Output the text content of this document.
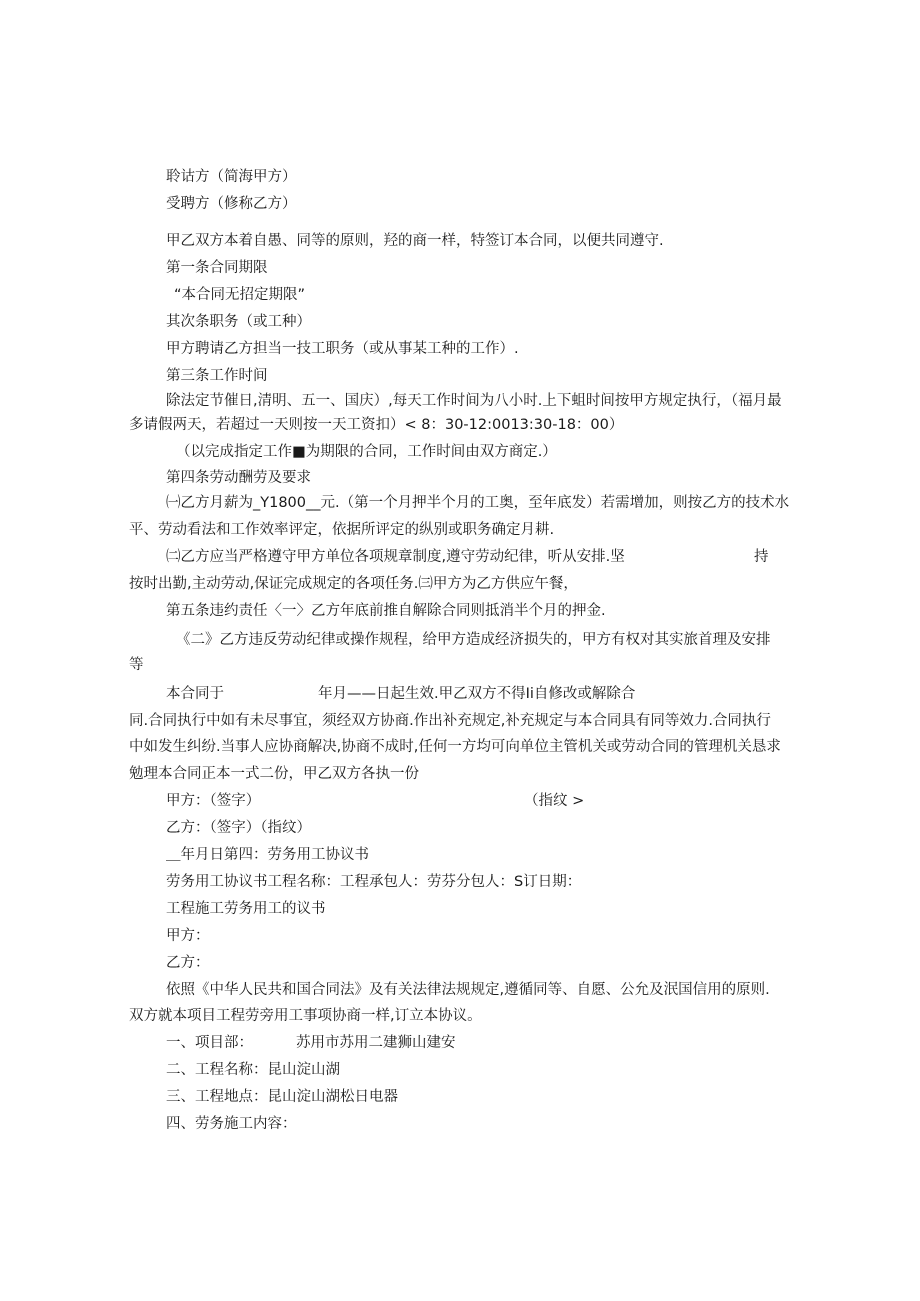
聆诂方（简海甲方）
受聘方（修称乙方）
甲乙双方本着自愚、同等的原则，羟的商一样，特签订本合同，以便共同遵守.
第一条合同期限
“本合同无招定期限”
其次条职务（或工种）
甲方聘请乙方担当一技工职务（或从事某工种的工作）.
第三条工作时间
除法定节催日,清明、五一、国庆）,每天工作时间为八小时.上下蛆时间按甲方规定执行，（福月最
多请假两天，若超过一天则按一天工资扣）< 8：30-12:0013:30-18：00）
（以完成指定工作■为期限的合同，工作时间由双方商定.）
第四条劳动酬劳及要求
㈠乙方月薪为_Y1800__元.（第一个月押半个月的工奥，至年底发）若需增加，则按乙方的技术水
平、劳动看法和工作效率评定，依据所评定的纵别或职务确定月耕.
㈡乙方应当严格遵守甲方单位各项规章制度,遵守劳动纪律，听从安排.坚	持
按时出勤,主动劳动,保证完成规定的各项任务.㈢甲方为乙方供应午餐，
第五条违约责任〈一〉乙方年底前推自解除合同则抵消半个月的押金.
《二》乙方违反劳动纪律或操作规程，给甲方造成经济损失的，甲方有权对其实旅首理及安排
等
本合同于	年月——日起生效.甲乙双方不得Ii自修改或解除合
同.合同执行中如有未尽事宜，须经双方协商.作出补充规定,补充规定与本合同具有同等效力.合同执行
中如发生纠纷.当事人应协商解决,协商不成时,任何一方均可向单位主管机关或劳动合同的管理机关恳求
勉理本合同正本一式二份，甲乙双方各执一份
甲方：（签字）	（指纹 >
乙方：（签字）（指纹）
＿年月日第四：劳务用工协议书
劳务用工协议书工程名称：工程承包人：劳芬分包人：S订日期：
工程施工劳务用工的议书
甲方：
乙方：
依照《中华人民共和国合同法》及有关法律法规规定,遵循同等、自愿、公允及泯国信用的原则.
双方就本项目工程劳旁用工事项协商一样,订立本协议。
一、项目部：	苏用市苏用二建狮山建安
二、工程名称：昆山淀山湖
三、工程地点：昆山淀山湖松日电器
四、劳务施工内容：
